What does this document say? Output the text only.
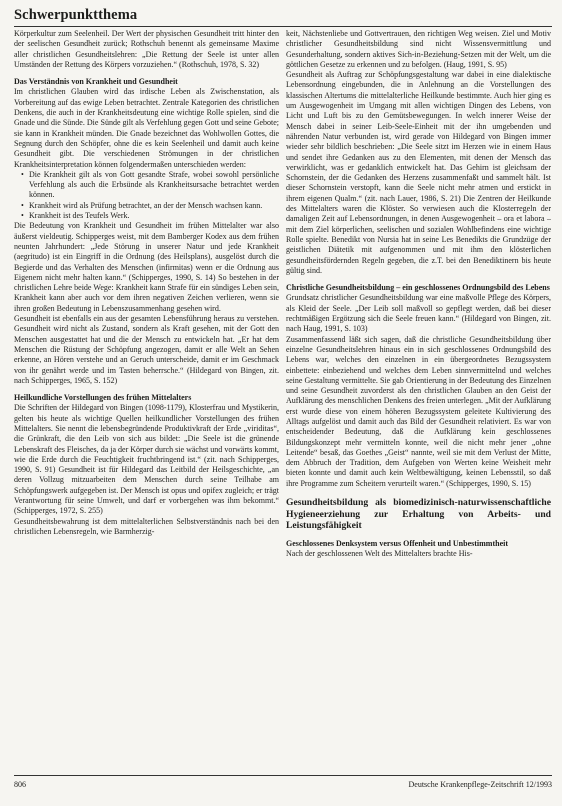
Schwerpunktthema

Körperkultur zum Seelenheil. Der Wert der physischen Gesundheit tritt hinter den der seelischen Gesundheit zurück; Rothschuh benennt als gemeinsame Maxime aller christlichen Gesundheitslehren: „Die Rettung der Seele ist unter allen Umständen der Rettung des Körpers vorzuziehen.“ (Rothschuh, 1978, S. 32)

Das Verständnis von Krankheit und Gesundheit

Im christlichen Glauben wird das irdische Leben als Zwischenstation, als Vorbereitung auf das ewige Leben betrachtet. Zentrale Kategorien des christlichen Denkens, die auch in der Krankheitsdeutung eine wichtige Rolle spielen, sind die Gnade und die Sünde. Die Sünde gilt als Verfehlung gegen Gott und seine Gebote; sie kann in Krankheit münden. Die Gnade bezeichnet das Wohlwollen Gottes, die Segnung durch den Schöpfer, ohne die es kein Seelenheil und damit auch keine Gesundheit gibt. Die verschiedenen Strömungen in der christlichen Krankheitsinterpretation können folgendermaßen unterschieden werden:

• Die Krankheit gilt als von Gott gesandte Strafe, wobei sowohl persönliche Verfehlung als auch die Erbsünde als Krankheitsursache betrachtet werden können.
• Krankheit wird als Prüfung betrachtet, an der der Mensch wachsen kann.
• Krankheit ist des Teufels Werk.

Die Bedeutung von Krankheit und Gesundheit im frühen Mittelalter war also äußerst vieldeutig. Schipperges weist, mit dem Bamberger Kodex aus dem frühen neunten Jahrhundert: „Jede Störung in unserer Natur und jede Krankheit (aegritudo) ist ein Eingriff in die Ordnung (des Heilsplans), ausgelöst durch die Begierde und das Verhalten des Menschen (infirmitas) wenn er die Ordnung aus Eigenem nicht mehr halten kann.“ (Schipperges, 1990, S. 14) So bestehen in der christlichen Lehre beide Wege: Krankheit kann Strafe für ein sündiges Leben sein, Krankheit kann aber auch vor dem ihren negativen Zeichen verlieren, wenn sie ihren großen Bedeutung in Lebenszusammenhang gesehen wird.

Gesundheit ist ebenfalls ein aus der gesamten Lebensführung heraus zu verstehen. Gesundheit wird nicht als Zustand, sondern als Kraft gesehen, mit der Gott den Menschen ausgestattet hat und die der Mensch zu entwickeln hat. „Er hat dem Menschen die Rüstung der Schöpfung angezogen, damit er alle Welt an Sehen erkenne, an Hören verstehe und an Geruch unterscheide, damit er im Geschmack von ihr genährt werde und im Tasten beherrsche.“ (Hildegard von Bingen, zit. nach Schipperges, 1965, S. 152)

Heilkundliche Vorstellungen des frühen Mittelalters

Die Schriften der Hildegard von Bingen (1098-1179), Klosterfrau und Mystikerin, gelten bis heute als wichtige Quellen heilkundlicher Vorstellungen des frühen Mittelalters. Sie nennt die lebensbegründende Produktivkraft der Erde „viriditas“, die Grünkraft, die den Leib von sich aus bildet: „Die Seele ist die grünende Lebenskraft des Fleisches, da ja der Körper durch sie wächst und vorwärts kommt, wie die Erde durch die Feuchtigkeit fruchtbringend ist.“ (zit. nach Schipperges, 1990, S. 91) Gesundheit ist für Hildegard das Leitbild der Heilsgeschichte, „an deren Vollzug mitzuarbeiten dem Menschen durch seine Teilhabe am Schöpfungswerk aufgegeben ist. Der Mensch ist opus und opifex zugleich; er trägt Verantwortung für seine Umwelt, und darf er vorbergehen was ihm bekommt.“ (Schipperges, 1972, S. 255)

Gesundheitsbewahrung ist dem mittelalterlichen Selbstverständnis nach bei den christlichen Lebensregeln, wie Barmherzig-

keit, Nächstenliebe und Gottvertrauen, den richtigen Weg weisen. Ziel und Motiv christlicher Gesundheitsbildung sind nicht Wissensvermittlung und Gesunderhaltung, sondern aktives Sich-in-Beziehung-Setzen mit der Welt, um die göttlichen Gesetze zu erkennen und zu befolgen. (Haug, 1991, S. 95)

Gesundheit als Auftrag zur Schöpfungsgestaltung war dabei in eine dialektische Lebensordnung eingebunden, die in Anlehnung an die Vorstellungen des klassischen Altertums die mittelalterliche Heilkunde bestimmte. Auch hier ging es um Ausgewogenheit im Umgang mit allen wichtigen Dingen des Lebens, von Licht und Luft bis zu den Gemütsbewegungen. In welch innerer Weise der Mensch dabei in seiner Leib-Seele-Einheit mit der ihn umgebenden und nährenden Natur verbunden ist, wird gerade von Hildegard von Bingen immer wieder sehr bildlich beschrieben: „Die Seele sitzt im Herzen wie in einem Haus und sendet ihre Gedanken aus zu den Elementen, mit denen der Mensch das verwirklicht, was er gedanklich entwickelt hat. Das Gehirn ist gleichsam der Schornstein, der die Gedanken des Herzens zusammenfaßt und sammelt hält. Ist dieser Schornstein verstopft, kann die Seele nicht mehr atmen und erstickt in ihrem eigenen Qualm.“ (zit. nach Lauer, 1986, S. 21) Die Zentren der Heilkunde des Mittelalters waren die Klöster. So verwiesen auch die Klosterregeln der damaligen Zeit auf Lebensordnungen, in denen Ausgewogenheit – ora et labora – mit dem Ziel körperlichen, seelischen und sozialen Wohlbefindens eine wichtige Rolle spielte. Benedikt von Nursia hat in seine Les Benedikts die Grundzüge der geistlichen Diätetik mit aufgenommen und mit ihm den klösterlichen gesundheitsfördernden Regeln gegeben, die z.T. bei den Benediktinern bis heute gültig sind.

Christliche Gesundheitsbildung – ein geschlossenes Ordnungsbild des Lebens

Grundsatz christlicher Gesundheitsbildung war eine maßvolle Pflege des Körpers, als Kleid der Seele. „Der Leib soll maßvoll so gepflegt werden, daß bei dieser rechtmäßigen Ergötzung sich die Seele freuen kann.“ (Hildegard von Bingen, zit. nach Haug, 1991, S. 103)

Zusammenfassend läßt sich sagen, daß die christliche Gesundheitsbildung über einzelne Gesundheitslehren hinaus ein in sich geschlossenes Ordnungsbild des Lebens war, welches den einzelnen in ein übergeordnetes Bezugssystem einbettete: einbeziehend und welches dem Leben sinnvermittelnd und welches seine Gestaltung vermittelte. Sie gab Orientierung in der Bedeutung des Einzelnen und seine Gesundheit zuvorderst als den christlichen Glauben an den Geist der Aufklärung des menschlichen Denkens des freien unterlegen. „Mit der Aufklärung erst wurde diese von einem höheren Bezugssystem geleitete Kultivierung des Alltags aufgelöst und damit auch das Bild der Gesundheit relativiert. Es war von entscheidender Bedeutung, daß die Aufklärung kein geschlossenes Bildungskonzept mehr vermitteln konnte, weil die nicht mehr jener „ohne Leitende“ besaß, das Goethes „Geist“ nannte, weil sie mit dem Verlust der Mitte, dem Abbruch der Tradition, dem Aufgeben von Werten keine Weisheit mehr bieten konnte und damit auch kein Weltbewältigung, keinen Lebensstil, so daß ihre Programme zum Scheitern verurteilt waren.“ (Schipperges, 1990, S. 15)

Gesundheitsbildung als biomedizinisch-naturwissenschaftliche Hygieneerziehung zur Erhaltung von Arbeits- und Leistungsfähigkeit

Geschlossenes Denksystem versus Offenheit und Unbestimmtheit

Nach der geschlossenen Welt des Mittelalters brachte His-

806	Deutsche Krankenpflege-Zeitschrift 12/1993
